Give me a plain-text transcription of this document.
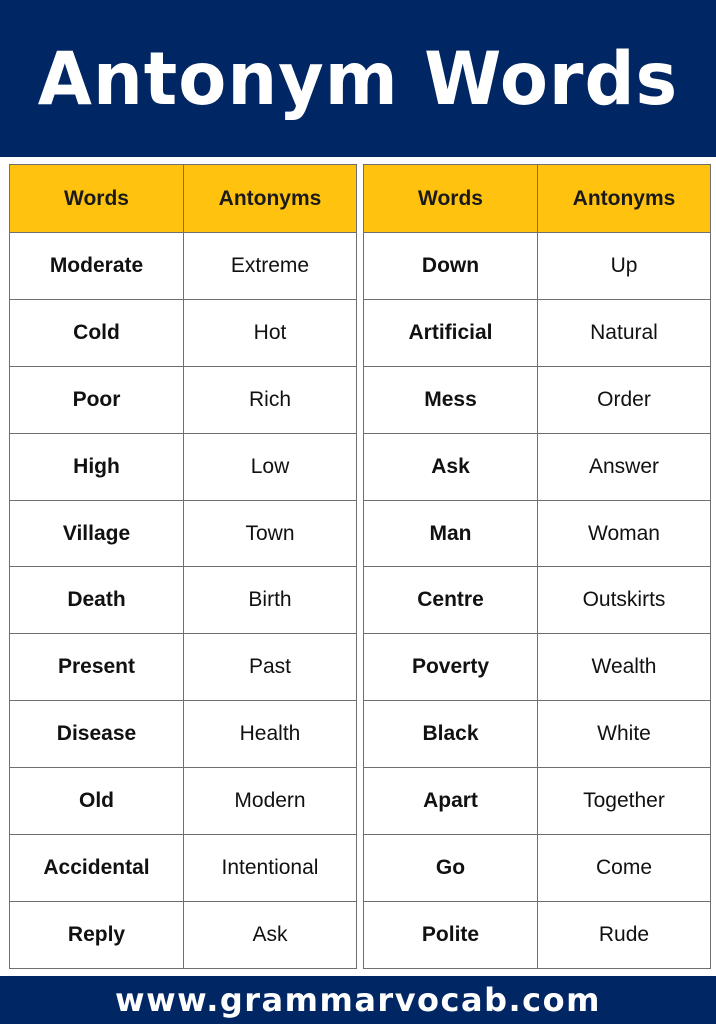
Antonym Words
Words	Antonyms
Moderate	Extreme
Cold	Hot
Poor	Rich
High	Low
Village	Town
Death	Birth
Present	Past
Disease	Health
Old	Modern
Accidental	Intentional
Reply	Ask
Words	Antonyms
Down	Up
Artificial	Natural
Mess	Order
Ask	Answer
Man	Woman
Centre	Outskirts
Poverty	Wealth
Black	White
Apart	Together
Go	Come
Polite	Rude
www.grammarvocab.com
